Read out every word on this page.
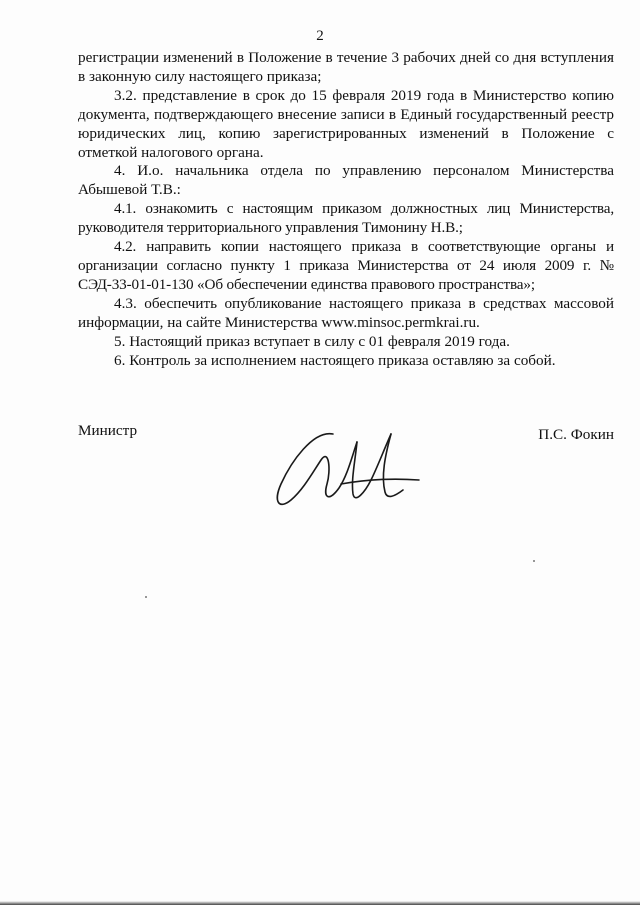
2

регистрации изменений в Положение в течение 3 рабочих дней со дня вступления в законную силу настоящего приказа;

3.2. представление в срок до 15 февраля 2019 года в Министерство копию документа, подтверждающего внесение записи в Единый государственный реестр юридических лиц, копию зарегистрированных изменений в Положение с отметкой налогового органа.

4. И.о. начальника отдела по управлению персоналом Министерства Абышевой Т.В.:

4.1. ознакомить с настоящим приказом должностных лиц Министерства, руководителя территориального управления Тимонину Н.В.;

4.2. направить копии настоящего приказа в соответствующие органы и организации согласно пункту 1 приказа Министерства от 24 июля 2009 г. № СЭД-33-01-01-130 «Об обеспечении единства правового пространства»;

4.3. обеспечить опубликование настоящего приказа в средствах массовой информации, на сайте Министерства www.minsoc.permkrai.ru.

5. Настоящий приказ вступает в силу с 01 февраля 2019 года.

6. Контроль за исполнением настоящего приказа оставляю за собой.

Министр	П.С. Фокин
